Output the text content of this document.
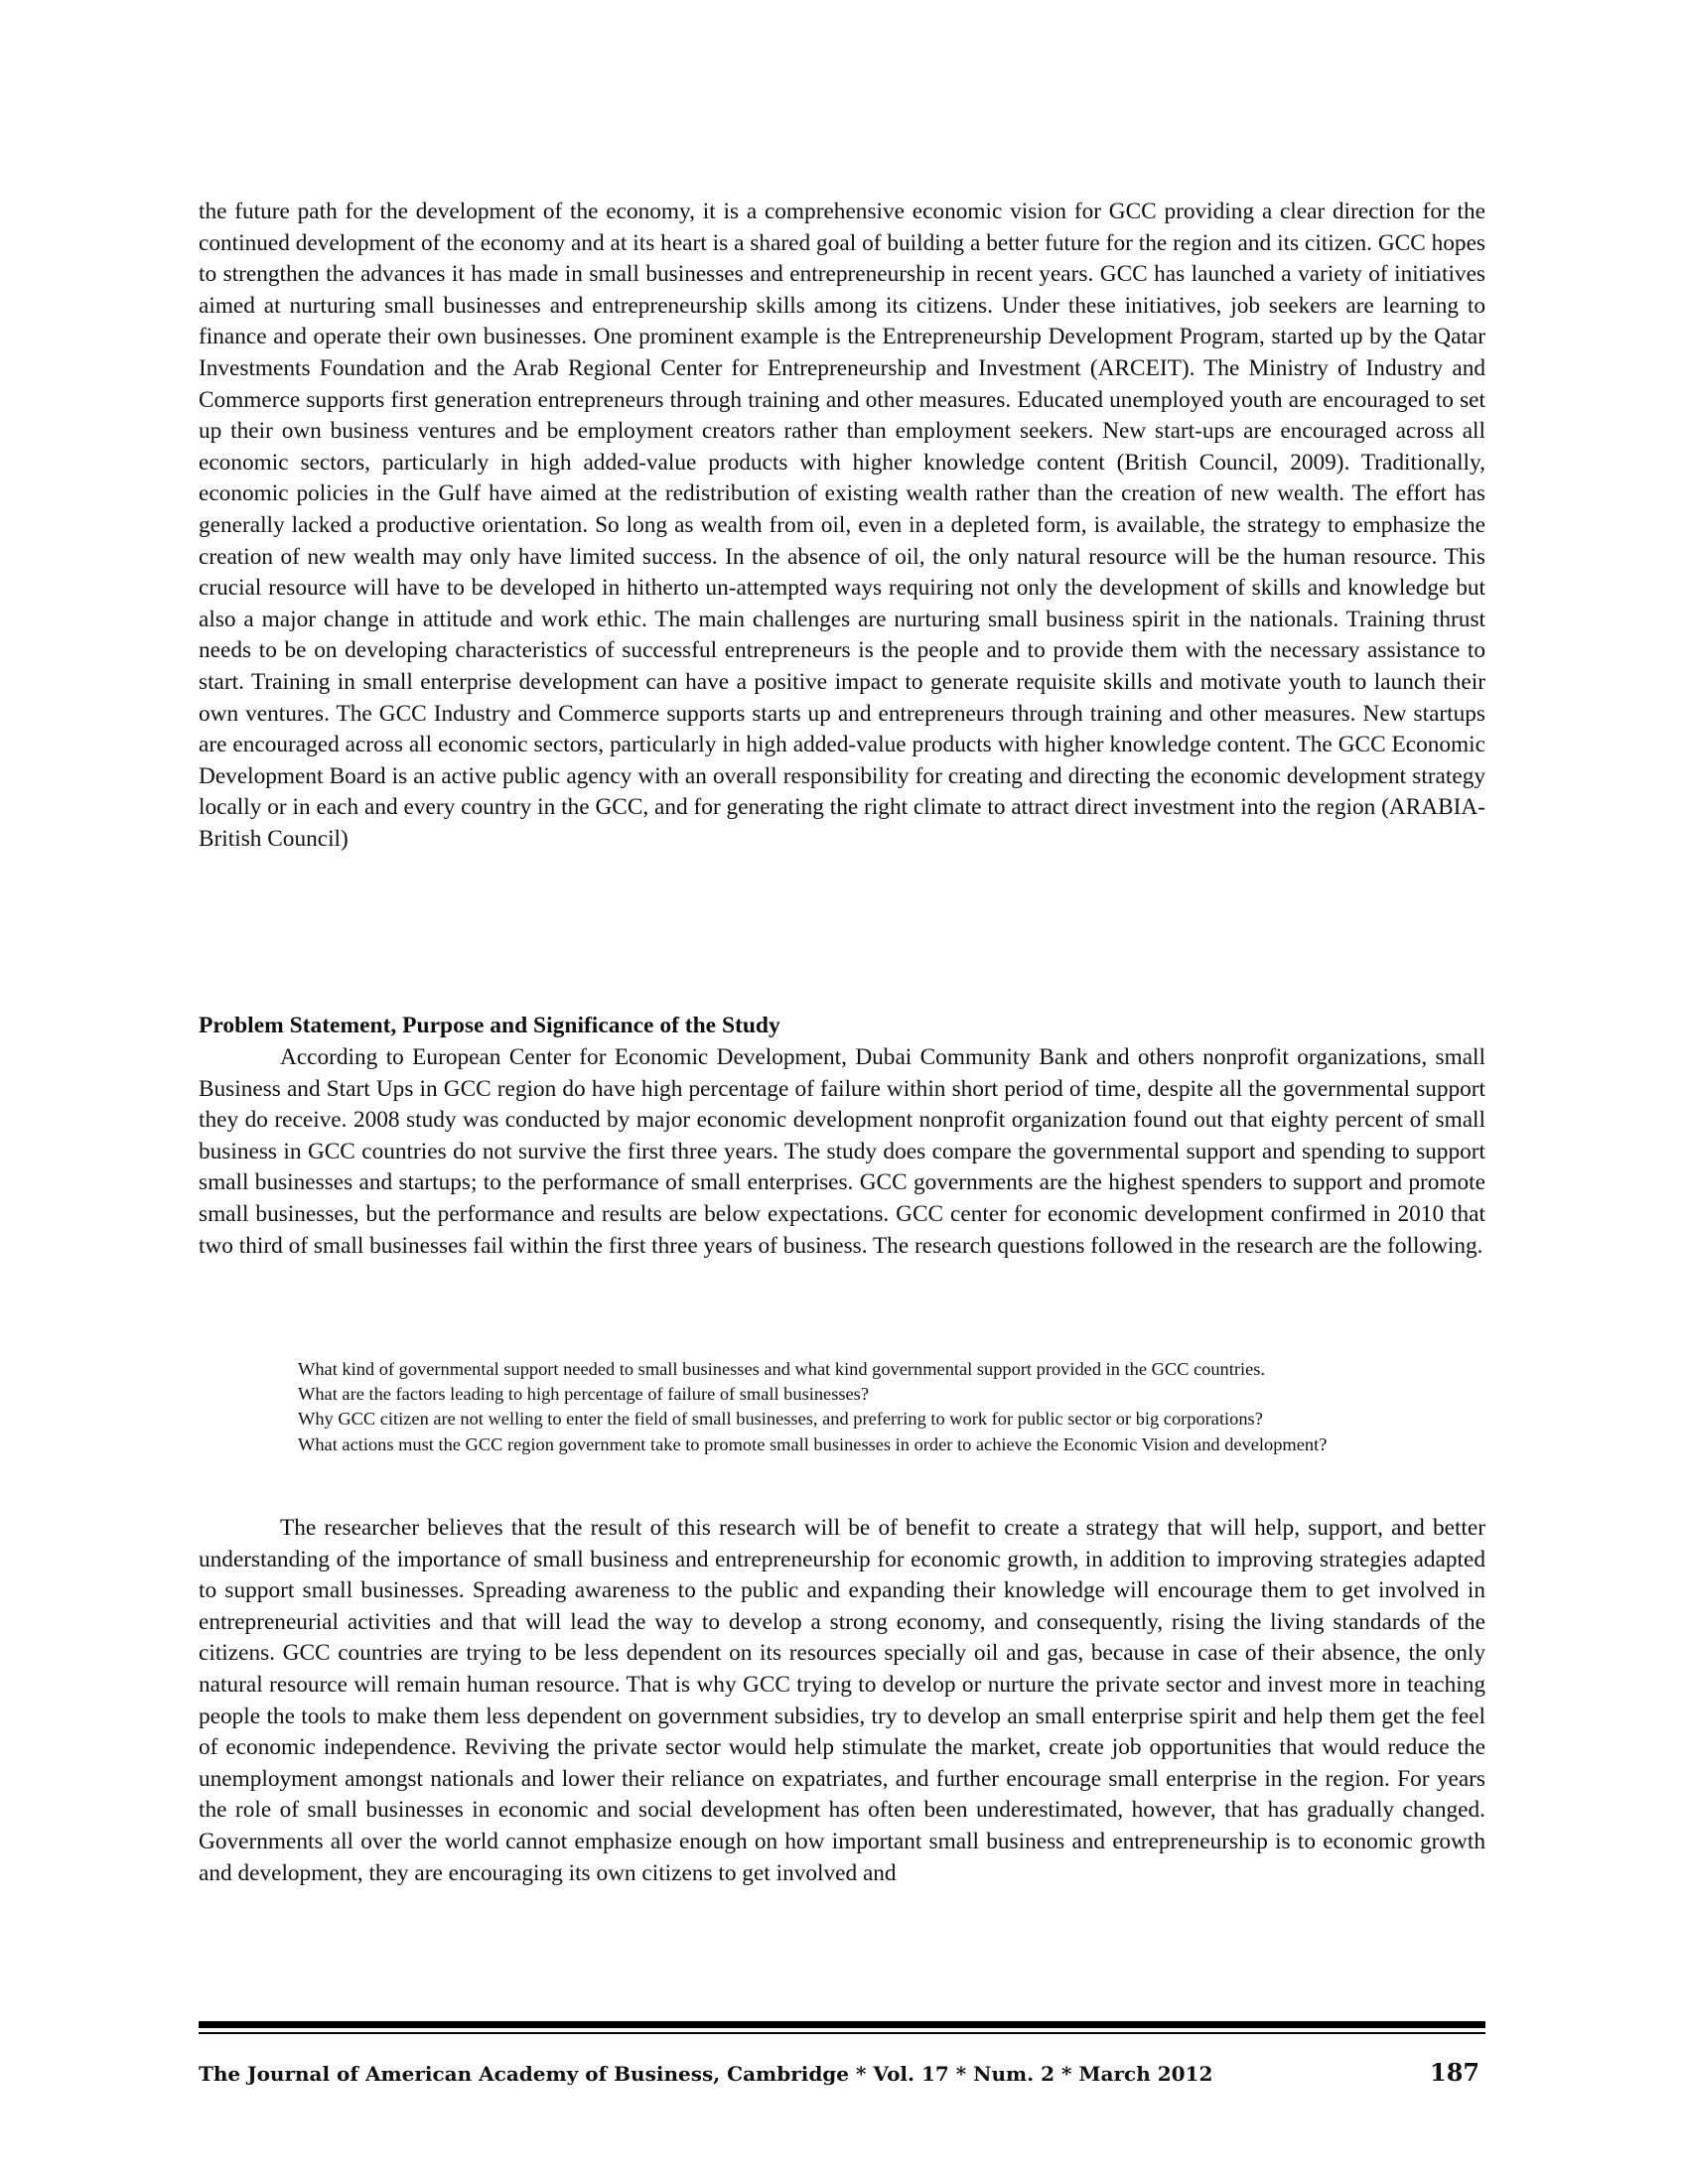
the future path for the development of the economy, it is a comprehensive economic vision for GCC providing a clear direction for the continued development of the economy and at its heart is a shared goal of building a better future for the region and its citizen. GCC hopes to strengthen the advances it has made in small businesses and entrepreneurship in recent years. GCC has launched a variety of initiatives aimed at nurturing small businesses and entrepreneurship skills among its citizens. Under these initiatives, job seekers are learning to finance and operate their own businesses. One prominent example is the Entrepreneurship Development Program, started up by the Qatar Investments Foundation and the Arab Regional Center for Entrepreneurship and Investment (ARCEIT). The Ministry of Industry and Commerce supports first generation entrepreneurs through training and other measures. Educated unemployed youth are encouraged to set up their own business ventures and be employment creators rather than employment seekers. New start-ups are encouraged across all economic sectors, particularly in high added-value products with higher knowledge content (British Council, 2009). Traditionally, economic policies in the Gulf have aimed at the redistribution of existing wealth rather than the creation of new wealth. The effort has generally lacked a productive orientation. So long as wealth from oil, even in a depleted form, is available, the strategy to emphasize the creation of new wealth may only have limited success. In the absence of oil, the only natural resource will be the human resource. This crucial resource will have to be developed in hitherto un-attempted ways requiring not only the development of skills and knowledge but also a major change in attitude and work ethic. The main challenges are nurturing small business spirit in the nationals. Training thrust needs to be on developing characteristics of successful entrepreneurs is the people and to provide them with the necessary assistance to start. Training in small enterprise development can have a positive impact to generate requisite skills and motivate youth to launch their own ventures. The GCC Industry and Commerce supports starts up and entrepreneurs through training and other measures. New startups are encouraged across all economic sectors, particularly in high added-value products with higher knowledge content. The GCC Economic Development Board is an active public agency with an overall responsibility for creating and directing the economic development strategy locally or in each and every country in the GCC, and for generating the right climate to attract direct investment into the region (ARABIA-British Council)

Problem Statement, Purpose and Significance of the Study

According to European Center for Economic Development, Dubai Community Bank and others nonprofit organizations, small Business and Start Ups in GCC region do have high percentage of failure within short period of time, despite all the governmental support they do receive. 2008 study was conducted by major economic development nonprofit organization found out that eighty percent of small business in GCC countries do not survive the first three years. The study does compare the governmental support and spending to support small businesses and startups; to the performance of small enterprises. GCC governments are the highest spenders to support and promote small businesses, but the performance and results are below expectations. GCC center for economic development confirmed in 2010 that two third of small businesses fail within the first three years of business. The research questions followed in the research are the following.

What kind of governmental support needed to small businesses and what kind governmental support provided in the GCC countries.
What are the factors leading to high percentage of failure of small businesses?
Why GCC citizen are not welling to enter the field of small businesses, and preferring to work for public sector or big corporations?
What actions must the GCC region government take to promote small businesses in order to achieve the Economic Vision and development?

The researcher believes that the result of this research will be of benefit to create a strategy that will help, support, and better understanding of the importance of small business and entrepreneurship for economic growth, in addition to improving strategies adapted to support small businesses. Spreading awareness to the public and expanding their knowledge will encourage them to get involved in entrepreneurial activities and that will lead the way to develop a strong economy, and consequently, rising the living standards of the citizens. GCC countries are trying to be less dependent on its resources specially oil and gas, because in case of their absence, the only natural resource will remain human resource. That is why GCC trying to develop or nurture the private sector and invest more in teaching people the tools to make them less dependent on government subsidies, try to develop an small enterprise spirit and help them get the feel of economic independence. Reviving the private sector would help stimulate the market, create job opportunities that would reduce the unemployment amongst nationals and lower their reliance on expatriates, and further encourage small enterprise in the region. For years the role of small businesses in economic and social development has often been underestimated, however, that has gradually changed. Governments all over the world cannot emphasize enough on how important small business and entrepreneurship is to economic growth and development, they are encouraging its own citizens to get involved and

The Journal of American Academy of Business, Cambridge * Vol. 17 * Num. 2 * March 2012	187
